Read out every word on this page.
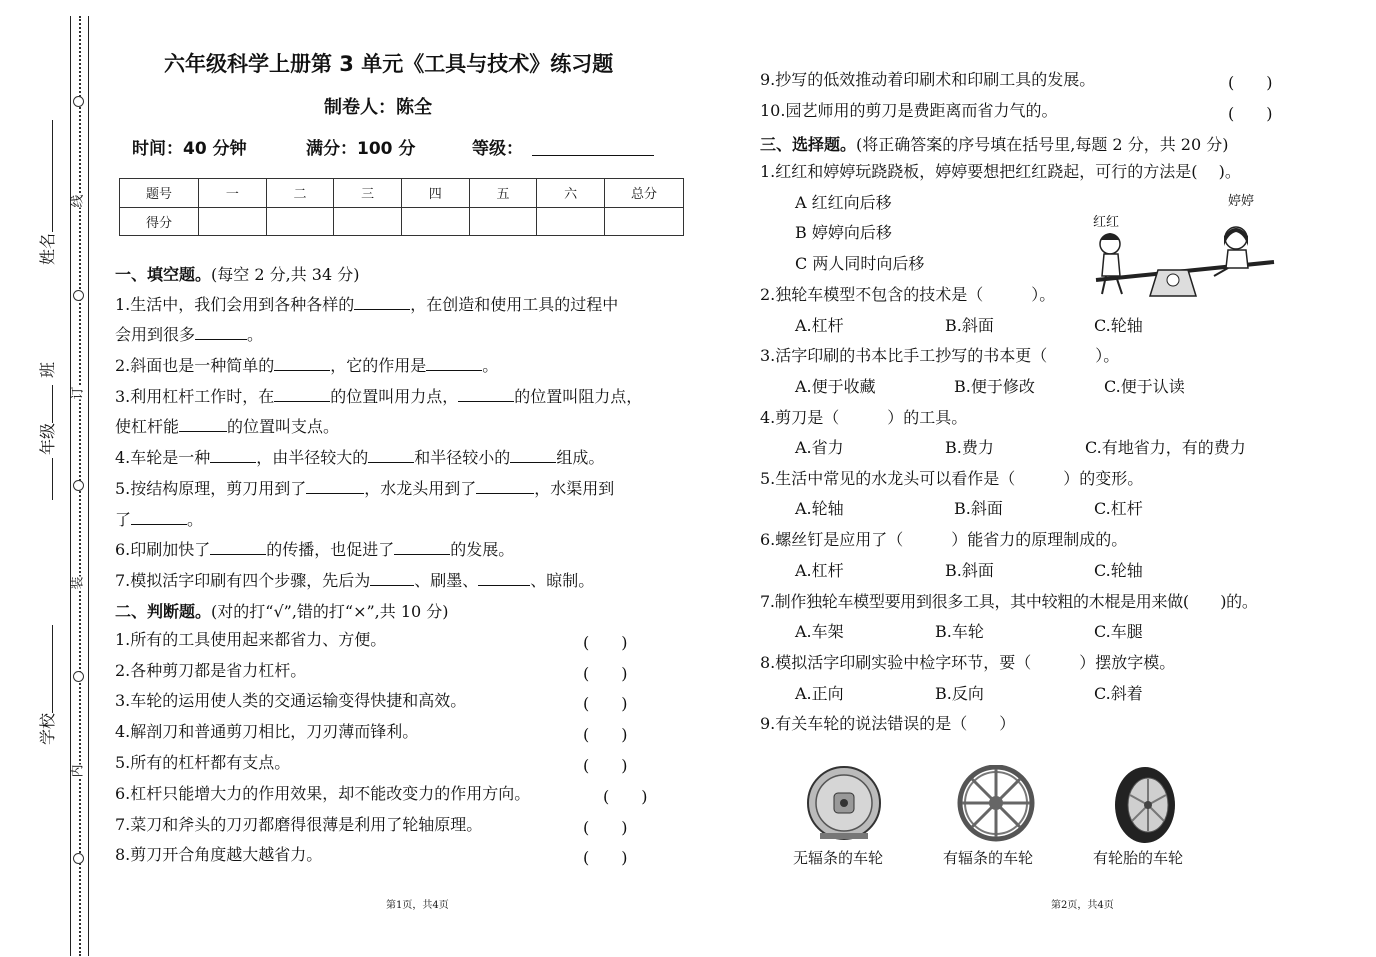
线
订
装
内
姓名
班
年级
学校
六年级科学上册第 3 单元《工具与技术》练习题
制卷人：陈全
时间：40 分钟	满分：100 分	等级：
题号	一	二	三	四	五	六	总分
得分							
一、填空题。(每空 2 分,共 34 分)
1.生活中，我们会用到各种各样的	，在创造和使用工具的过程中
会用到很多	。
2.斜面也是一种简单的	，它的作用是	。
3.利用杠杆工作时，在	的位置叫用力点，	的位置叫阻力点，
使杠杆能	的位置叫支点。
4.车轮是一种	，由半径较大的	和半径较小的	组成。
5.按结构原理，剪刀用到了	，水龙头用到了	，水渠用到
了	。
6.印刷加快了	的传播，也促进了	的发展。
7.模拟活字印刷有四个步骤，先后为	、刷墨、	、晾制。
二、判断题。(对的打“√”,错的打“×”,共 10 分)
1.所有的工具使用起来都省力、方便。	(　　)
2.各种剪刀都是省力杠杆。	(　　)
3.车轮的运用使人类的交通运输变得快捷和高效。	(　　)
4.解剖刀和普通剪刀相比，刀刃薄而锋利。	(　　)
5.所有的杠杆都有支点。	(　　)
6.杠杆只能增大力的作用效果，却不能改变力的作用方向。	(　　)
7.菜刀和斧头的刀刃都磨得很薄是利用了轮轴原理。	(　　)
8.剪刀开合角度越大越省力。	(　　)
第1页，共4页
9.抄写的低效推动着印刷术和印刷工具的发展。	(　　)
10.园艺师用的剪刀是费距离而省力气的。	(　　)
三、选择题。(将正确答案的序号填在括号里,每题 2 分，共 20 分)
1.红红和婷婷玩跷跷板，婷婷要想把红红跷起，可行的方法是(　 )。
A 红红向后移
B 婷婷向后移
C 两人同时向后移
红红
婷婷
2.独轮车模型不包含的技术是（　　　）。
A.杠杆	B.斜面	C.轮轴
3.活字印刷的书本比手工抄写的书本更（　　　）。
A.便于收藏	B.便于修改	C.便于认读
4.剪刀是（　　　）的工具。
A.省力	B.费力	C.有地省力，有的费力
5.生活中常见的水龙头可以看作是（　　　）的变形。
A.轮轴	B.斜面	C.杠杆
6.螺丝钉是应用了（　　　）能省力的原理制成的。
A.杠杆	B.斜面	C.轮轴
7.制作独轮车模型要用到很多工具，其中较粗的木棍是用来做(　　)的。
A.车架	B.车轮	C.车腿
8.模拟活字印刷实验中检字环节，要（　　　）摆放字模。
A.正向	B.反向	C.斜着
9.有关车轮的说法错误的是（　　）
无辐条的车轮	有辐条的车轮	有轮胎的车轮
第2页，共4页
